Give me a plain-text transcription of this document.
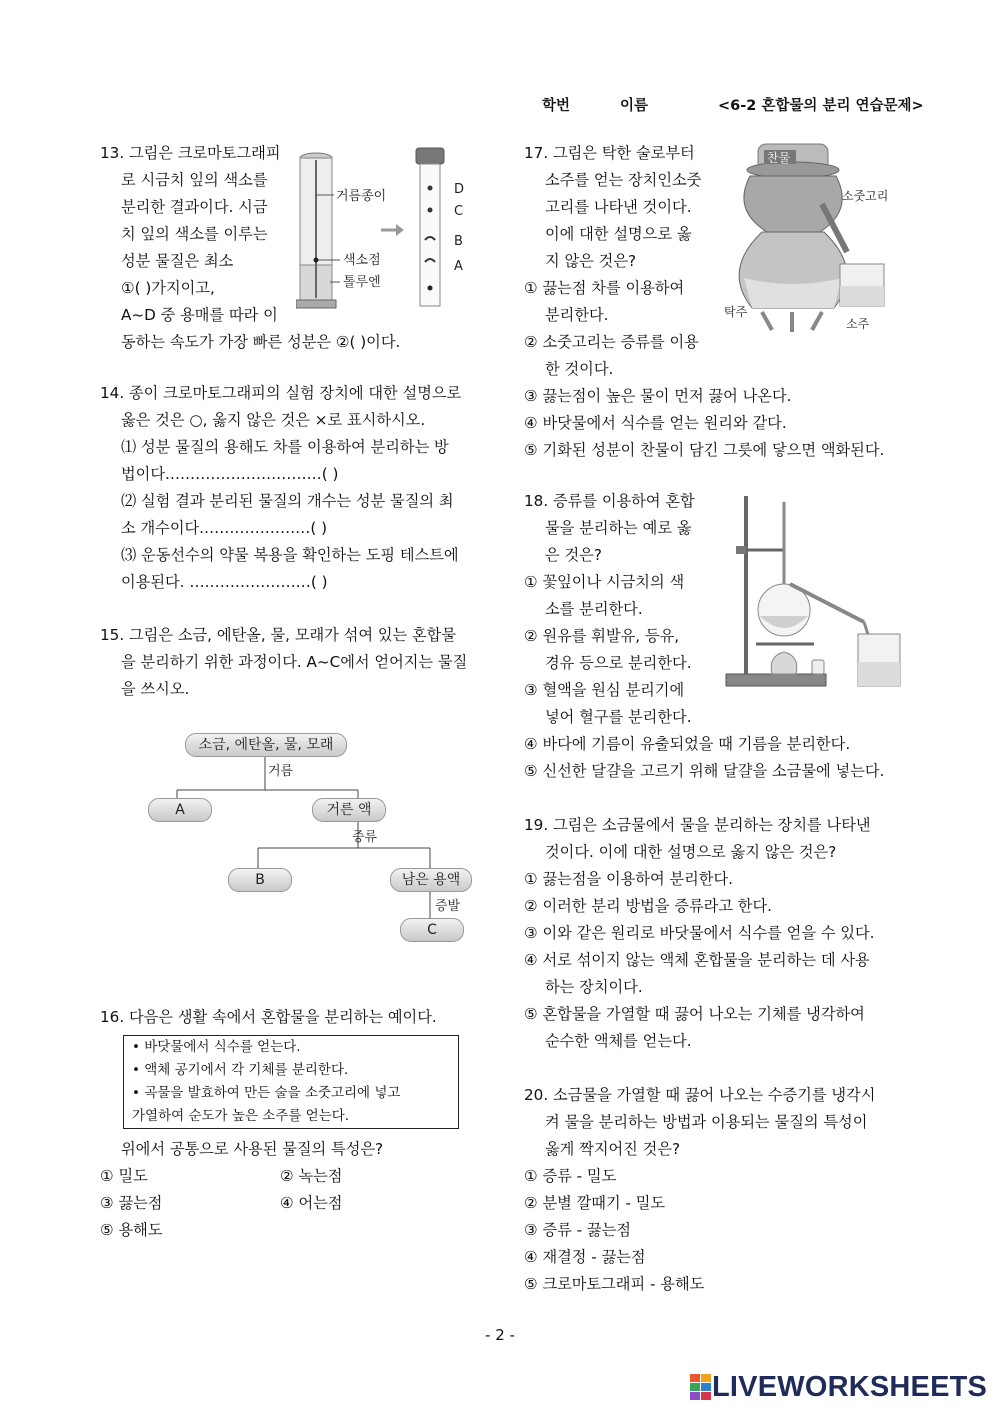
학번	이름	<6-2 혼합물의 분리 연습문제>
13. 그림은 크로마토그래피
로 시금치 잎의 색소를
분리한 결과이다. 시금
치 잎의 색소를 이루는
성분 물질은 최소
①( )가지이고,
A~D 중 용매를 따라 이
동하는 속도가 가장 빠른 성분은 ②( )이다.
거름종이
색소점
톨루엔
D
C
B
A
14. 종이 크로마토그래피의 실험 장치에 대한 설명으로
옳은 것은 ○, 옳지 않은 것은 ×로 표시하시오.
⑴ 성분 물질의 용해도 차를 이용하여 분리하는 방
법이다.…………………………( )
⑵ 실험 결과 분리된 물질의 개수는 성분 물질의 최
소 개수이다.…………………( )
⑶ 운동선수의 약물 복용을 확인하는 도핑 테스트에
이용된다. ……………………( )
15. 그림은 소금, 에탄올, 물, 모래가 섞여 있는 혼합물
을 분리하기 위한 과정이다. A~C에서 얻어지는 물질
을 쓰시오.
소금, 에탄올, 물, 모래
거름
A	거른 액
증류
B	남은 용액
증발
C
16. 다음은 생활 속에서 혼합물을 분리하는 예이다.
• 바닷물에서 식수를 얻는다.
• 액체 공기에서 각 기체를 분리한다.
• 곡물을 발효하여 만든 술을 소줏고리에 넣고
가열하여 순도가 높은 소주를 얻는다.
위에서 공통으로 사용된 물질의 특성은?
① 밀도	② 녹는점
③ 끓는점	④ 어는점
⑤ 용해도
17. 그림은 탁한 술로부터
소주를 얻는 장치인소줏
고리를 나타낸 것이다.
이에 대한 설명으로 옳
지 않은 것은?
① 끓는점 차를 이용하여
분리한다.
② 소줏고리는 증류를 이용
한 것이다.
③ 끓는점이 높은 물이 먼저 끓어 나온다.
④ 바닷물에서 식수를 얻는 원리와 같다.
⑤ 기화된 성분이 찬물이 담긴 그릇에 닿으면 액화된다.
찬물
소줏고리
탁주
소주
18. 증류를 이용하여 혼합
물을 분리하는 예로 옳
은 것은?
① 꽃잎이나 시금치의 색
소를 분리한다.
② 원유를 휘발유, 등유,
경유 등으로 분리한다.
③ 혈액을 원심 분리기에
넣어 혈구를 분리한다.
④ 바다에 기름이 유출되었을 때 기름을 분리한다.
⑤ 신선한 달걀을 고르기 위해 달걀을 소금물에 넣는다.
19. 그림은 소금물에서 물을 분리하는 장치를 나타낸
것이다. 이에 대한 설명으로 옳지 않은 것은?
① 끓는점을 이용하여 분리한다.
② 이러한 분리 방법을 증류라고 한다.
③ 이와 같은 원리로 바닷물에서 식수를 얻을 수 있다.
④ 서로 섞이지 않는 액체 혼합물을 분리하는 데 사용
하는 장치이다.
⑤ 혼합물을 가열할 때 끓어 나오는 기체를 냉각하여
순수한 액체를 얻는다.
20. 소금물을 가열할 때 끓어 나오는 수증기를 냉각시
켜 물을 분리하는 방법과 이용되는 물질의 특성이
옳게 짝지어진 것은?
① 증류 - 밀도
② 분별 깔때기 - 밀도
③ 증류 - 끓는점
④ 재결정 - 끓는점
⑤ 크로마토그래피 - 용해도
- 2 -
LIVEWORKSHEETS
